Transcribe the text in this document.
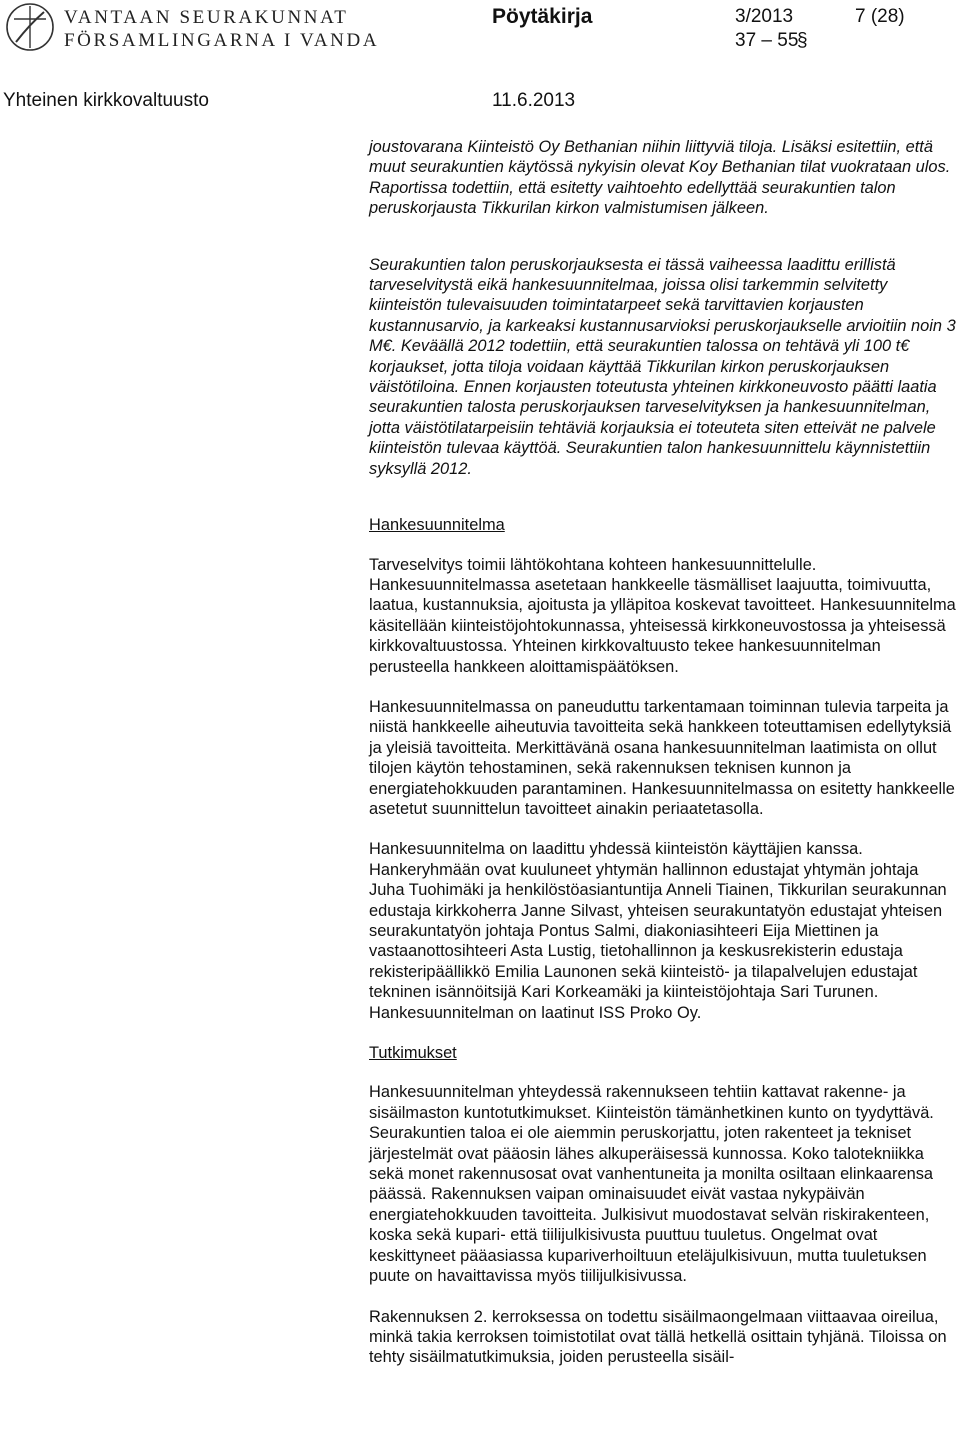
VANTAAN SEURAKUNNAT
FÖRSAMLINGARNA I VANDA
Pöytäkirja	3/2013	7 (28)
37 – 55
§
Yhteinen kirkkovaltuusto	11.6.2013

joustovarana Kiinteistö Oy Bethanian niihin liittyviä tiloja. Lisäksi esitettiin, että muut seurakuntien käytössä nykyisin olevat Koy Bethanian tilat vuokrataan ulos. Raportissa todettiin, että esitetty vaihtoehto edellyttää seurakuntien talon peruskorjausta Tikkurilan kirkon valmistumisen jälkeen.

Seurakuntien talon peruskorjauksesta ei tässä vaiheessa laadittu erillistä tarveselvitystä eikä hankesuunnitelmaa, joissa olisi tarkemmin selvitetty kiinteistön tulevaisuuden toimintatarpeet sekä tarvittavien korjausten kustannusarvio, ja karkeaksi kustannusarvioksi peruskorjaukselle arvioitiin noin 3 M€. Keväällä 2012 todettiin, että seurakuntien talossa on tehtävä yli 100 t€ korjaukset, jotta tiloja voidaan käyttää Tikkurilan kirkon peruskorjauksen väistötiloina. Ennen korjausten toteutusta yhteinen kirkkoneuvosto päätti laatia seurakuntien talosta peruskorjauksen tarveselvityksen ja hankesuunnitelman, jotta väistötilatarpeisiin tehtäviä korjauksia ei toteuteta siten etteivät ne palvele kiinteistön tulevaa käyttöä. Seurakuntien talon hankesuunnittelu käynnistettiin syksyllä 2012.

Hankesuunnitelma

Tarveselvitys toimii lähtökohtana kohteen hankesuunnittelulle. Hankesuunnitelmassa asetetaan hankkeelle täsmälliset laajuutta, toimivuutta, laatua, kustannuksia, ajoitusta ja ylläpitoa koskevat tavoitteet. Hankesuunnitelma käsitellään kiinteistöjohtokunnassa, yhteisessä kirkkoneuvostossa ja yhteisessä kirkkovaltuustossa. Yhteinen kirkkovaltuusto tekee hankesuunnitelman perusteella hankkeen aloittamispäätöksen.

Hankesuunnitelmassa on paneuduttu tarkentamaan toiminnan tulevia tarpeita ja niistä hankkeelle aiheutuvia tavoitteita sekä hankkeen toteuttamisen edellytyksiä ja yleisiä tavoitteita. Merkittävänä osana hankesuunnitelman laatimista on ollut tilojen käytön tehostaminen, sekä rakennuksen teknisen kunnon ja energiatehokkuuden parantaminen. Hankesuunnitelmassa on esitetty hankkeelle asetetut suunnittelun tavoitteet ainakin periaatetasolla.

Hankesuunnitelma on laadittu yhdessä kiinteistön käyttäjien kanssa. Hankeryhmään ovat kuuluneet yhtymän hallinnon edustajat yhtymän johtaja Juha Tuohimäki ja henkilöstöasiantuntija Anneli Tiainen, Tikkurilan seurakunnan edustaja kirkkoherra Janne Silvast, yhteisen seurakuntatyön edustajat yhteisen seurakuntatyön johtaja Pontus Salmi, diakoniasihteeri Eija Miettinen ja vastaanottosihteeri Asta Lustig, tietohallinnon ja keskusrekisterin edustaja rekisteripäällikkö Emilia Launonen sekä kiinteistö- ja tilapalvelujen edustajat tekninen isännöitsijä Kari Korkeamäki ja kiinteistöjohtaja Sari Turunen. Hankesuunnitelman on laatinut ISS Proko Oy.

Tutkimukset

Hankesuunnitelman yhteydessä rakennukseen tehtiin kattavat rakenne- ja sisäilmaston kuntotutkimukset. Kiinteistön tämänhetkinen kunto on tyydyttävä. Seurakuntien taloa ei ole aiemmin peruskorjattu, joten rakenteet ja tekniset järjestelmät ovat pääosin lähes alkuperäisessä kunnossa. Koko talotekniikka sekä monet rakennusosat ovat vanhentuneita ja monilta osiltaan elinkaarensa päässä. Rakennuksen vaipan ominaisuudet eivät vastaa nykypäivän energiatehokkuuden tavoitteita. Julkisivut muodostavat selvän riskirakenteen, koska sekä kupari- että tiilijulkisivusta puuttuu tuuletus. Ongelmat ovat keskittyneet pääasiassa kupariverhoiltuun eteläjulkisivuun, mutta tuuletuksen puute on havaittavissa myös tiilijulkisivussa.

Rakennuksen 2. kerroksessa on todettu sisäilmaongelmaan viittaavaa oireilua, minkä takia kerroksen toimistotilat ovat tällä hetkellä osittain tyhjänä. Tiloissa on tehty sisäilmatutkimuksia, joiden perusteella sisäil-
